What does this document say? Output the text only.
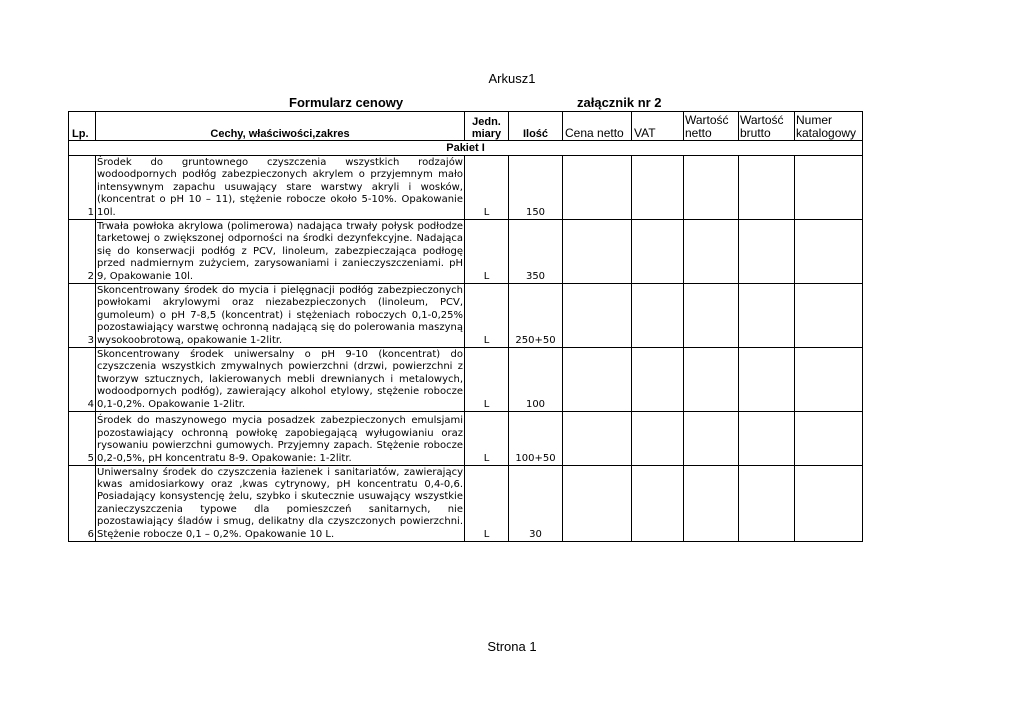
Arkusz1
Formularz cenowy	załącznik nr 2
Lp.	Cechy, właściwości,zakres	Jedn. miary	Ilość	Cena netto	VAT	Wartość netto	Wartość brutto	Numer katalogowy
Pakiet I								
1	Środek do gruntownego czyszczenia wszystkich rodzajów wodoodpornych podłóg zabezpieczonych akrylem o przyjemnym mało intensywnym zapachu usuwający stare warstwy akryli i wosków, (koncentrat o pH 10 – 11), stężenie robocze około 5-10%. Opakowanie 10l.	L	150					
2	Trwała powłoka akrylowa (polimerowa) nadająca trwały połysk podłodze tarketowej o zwiększonej odporności na środki dezynfekcyjne. Nadająca się do konserwacji podłóg z PCV, linoleum, zabezpieczająca podłogę przed nadmiernym zużyciem, zarysowaniami i zanieczyszczeniami. pH 9, Opakowanie 10l.	L	350					
3	Skoncentrowany środek do mycia i pielęgnacji podłóg zabezpieczonych powłokami akrylowymi oraz niezabezpieczonych (linoleum, PCV, gumoleum) o pH 7-8,5 (koncentrat) i stężeniach roboczych 0,1-0,25% pozostawiający warstwę ochronną nadającą się do polerowania maszyną wysokoobrotową, opakowanie 1-2litr.	L	250+50					
4	Skoncentrowany środek uniwersalny o pH 9-10 (koncentrat) do czyszczenia wszystkich zmywalnych powierzchni (drzwi, powierzchni z tworzyw sztucznych, lakierowanych mebli drewnianych i metalowych, wodoodpornych podłóg), zawierający alkohol etylowy, stężenie robocze 0,1-0,2%. Opakowanie 1-2litr.	L	100					
5	Środek do maszynowego mycia posadzek zabezpieczonych emulsjami pozostawiający ochronną powłokę zapobiegającą wyługowianiu oraz rysowaniu powierzchni gumowych. Przyjemny zapach. Stężenie robocze 0,2-0,5%, pH koncentratu 8-9. Opakowanie: 1-2litr.	L	100+50					
6	Uniwersalny środek do czyszczenia łazienek i sanitariatów, zawierający kwas amidosiarkowy oraz ,kwas cytrynowy, pH koncentratu 0,4-0,6. Posiadający konsystencję żelu, szybko i skutecznie usuwający wszystkie zanieczyszczenia typowe dla pomieszczeń sanitarnych, nie pozostawiający śladów i smug, delikatny dla czyszczonych powierzchni. Stężenie robocze 0,1 – 0,2%. Opakowanie 10 L.	L	30					
Strona 1
